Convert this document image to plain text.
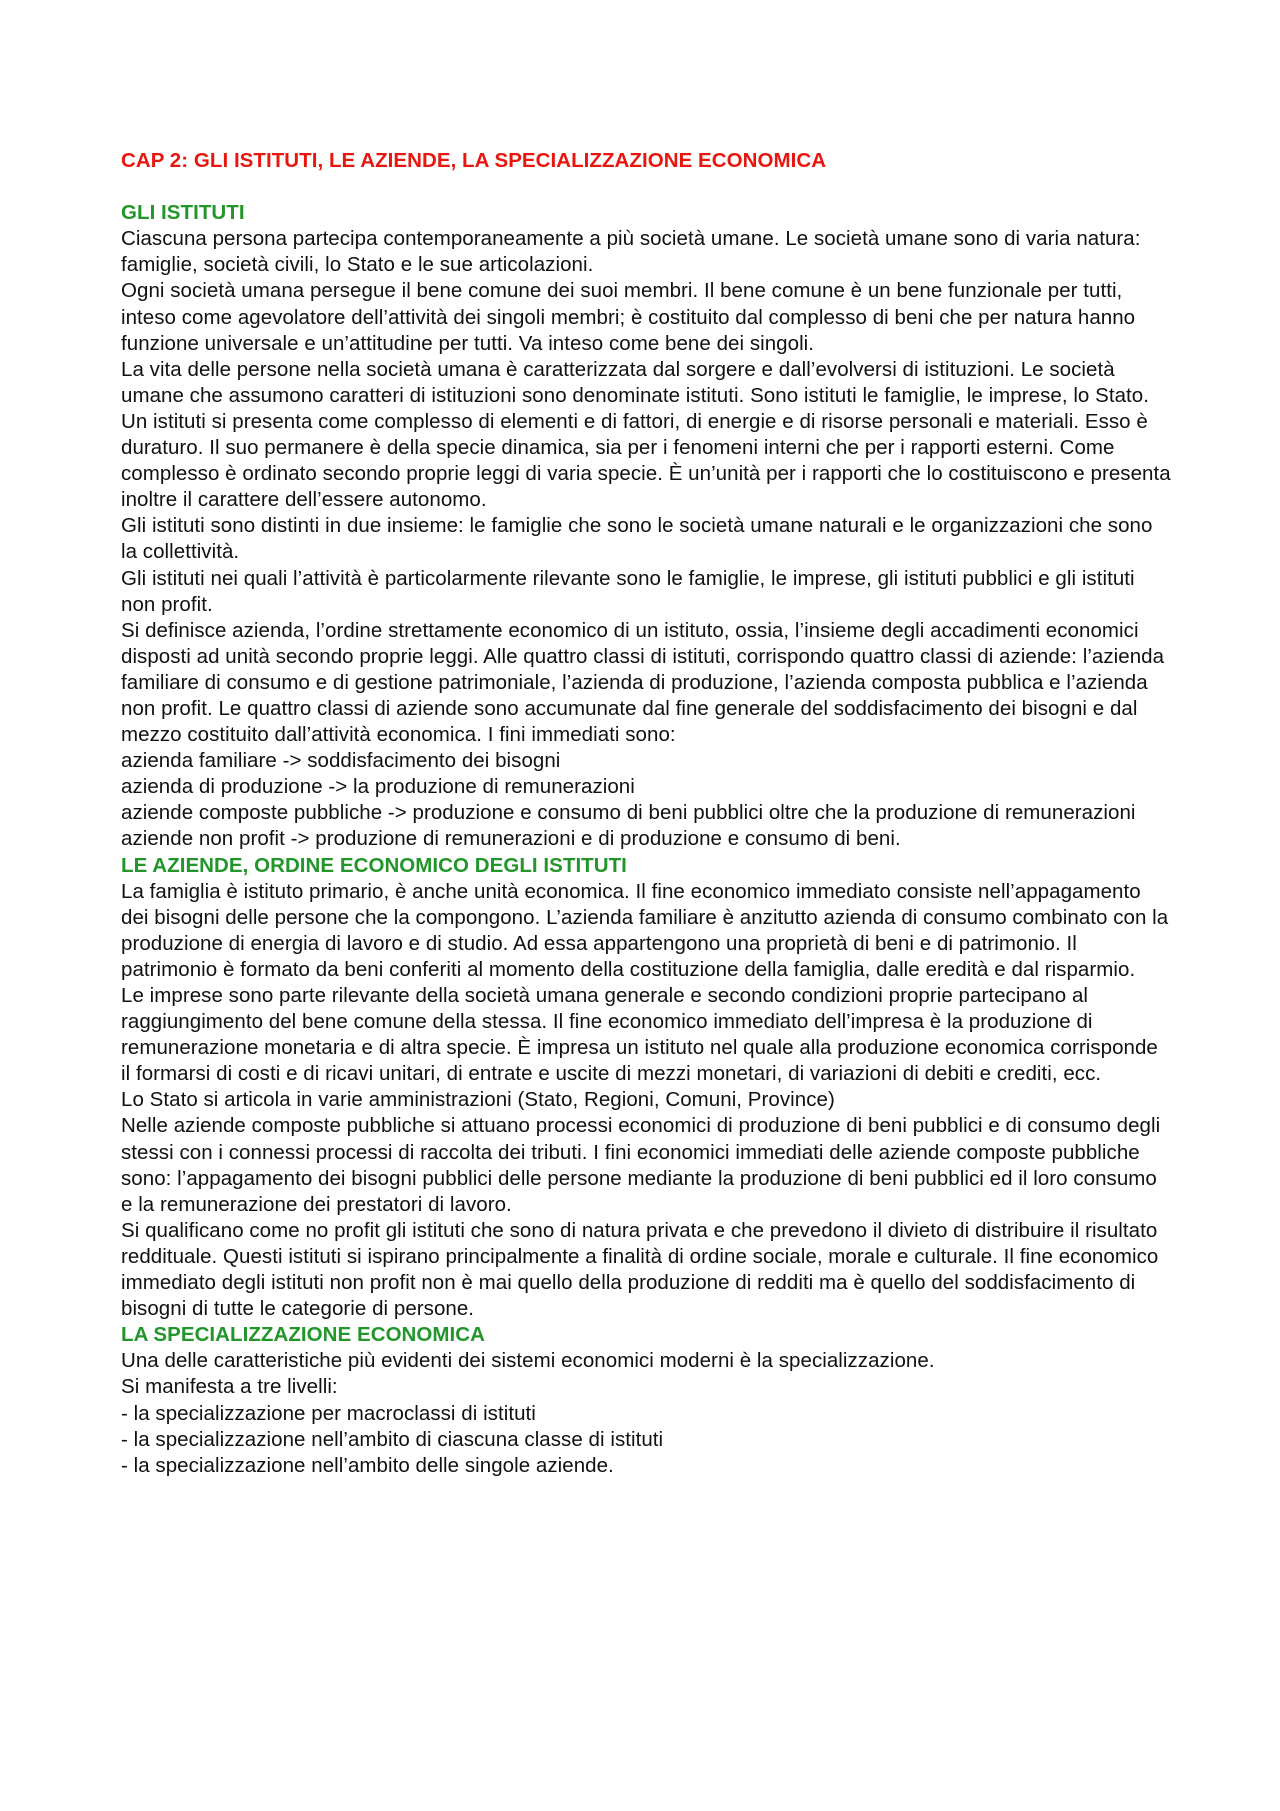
CAP 2: GLI ISTITUTI, LE AZIENDE, LA SPECIALIZZAZIONE ECONOMICA

GLI ISTITUTI

Ciascuna persona partecipa contemporaneamente a più società umane. Le società umane sono di varia natura: famiglie, società civili, lo Stato e le sue articolazioni.

Ogni società umana persegue il bene comune dei suoi membri. Il bene comune è un bene funzionale per tutti, inteso come agevolatore dell’attività dei singoli membri; è costituito dal complesso di beni che per natura hanno funzione universale e un’attitudine per tutti. Va inteso come bene dei singoli.

La vita delle persone nella società umana è caratterizzata dal sorgere e dall’evolversi di istituzioni. Le società umane che assumono caratteri di istituzioni sono denominate istituti. Sono istituti le famiglie, le imprese, lo Stato. Un istituti si presenta come complesso di elementi e di fattori, di energie e di risorse personali e materiali. Esso è duraturo. Il suo permanere è della specie dinamica, sia per i fenomeni interni che per i rapporti esterni. Come complesso è ordinato secondo proprie leggi di varia specie. È un’unità per i rapporti che lo costituiscono e presenta inoltre il carattere dell’essere autonomo.

Gli istituti sono distinti in due insieme: le famiglie che sono le società umane naturali e le organizzazioni che sono la collettività.

Gli istituti nei quali l’attività è particolarmente rilevante sono le famiglie, le imprese, gli istituti pubblici e gli istituti non profit.

Si definisce azienda, l’ordine strettamente economico di un istituto, ossia, l’insieme degli accadimenti economici disposti ad unità secondo proprie leggi. Alle quattro classi di istituti, corrispondo quattro classi di aziende: l’azienda familiare di consumo e di gestione patrimoniale, l’azienda di produzione, l’azienda composta pubblica e l’azienda non profit. Le quattro classi di aziende sono accumunate dal fine generale del soddisfacimento dei bisogni e dal mezzo costituito dall’attività economica. I fini immediati sono:

azienda familiare -> soddisfacimento dei bisogni

azienda di produzione -> la produzione di remunerazioni

aziende composte pubbliche -> produzione e consumo di beni pubblici oltre che la produzione di remunerazioni

aziende non profit -> produzione di remunerazioni e di produzione e consumo di beni.

LE AZIENDE, ORDINE ECONOMICO DEGLI ISTITUTI

La famiglia è istituto primario, è anche unità economica. Il fine economico immediato consiste nell’appagamento dei bisogni delle persone che la compongono. L’azienda familiare è anzitutto azienda di consumo combinato con la produzione di energia di lavoro e di studio. Ad essa appartengono una proprietà di beni e di patrimonio. Il patrimonio è formato da beni conferiti al momento della costituzione della famiglia, dalle eredità e dal risparmio.

Le imprese sono parte rilevante della società umana generale e secondo condizioni proprie partecipano al raggiungimento del bene comune della stessa. Il fine economico immediato dell’impresa è la produzione di remunerazione monetaria e di altra specie. È impresa un istituto nel quale alla produzione economica corrisponde il formarsi di costi e di ricavi unitari, di entrate e uscite di mezzi monetari, di variazioni di debiti e crediti, ecc.

Lo Stato si articola in varie amministrazioni (Stato, Regioni, Comuni, Province)

Nelle aziende composte pubbliche si attuano processi economici di produzione di beni pubblici e di consumo degli stessi con i connessi processi di raccolta dei tributi. I fini economici immediati delle aziende composte pubbliche sono: l’appagamento dei bisogni pubblici delle persone mediante la produzione di beni pubblici ed il loro consumo e la remunerazione dei prestatori di lavoro.

Si qualificano come no profit gli istituti che sono di natura privata e che prevedono il divieto di distribuire il risultato reddituale. Questi istituti si ispirano principalmente a finalità di ordine sociale, morale e culturale. Il fine economico immediato degli istituti non profit non è mai quello della produzione di redditi ma è quello del soddisfacimento di bisogni di tutte le categorie di persone.

LA SPECIALIZZAZIONE ECONOMICA

Una delle caratteristiche più evidenti dei sistemi economici moderni è la specializzazione.

Si manifesta a tre livelli:

- la specializzazione per macroclassi di istituti

- la specializzazione nell’ambito di ciascuna classe di istituti

- la specializzazione nell’ambito delle singole aziende.
